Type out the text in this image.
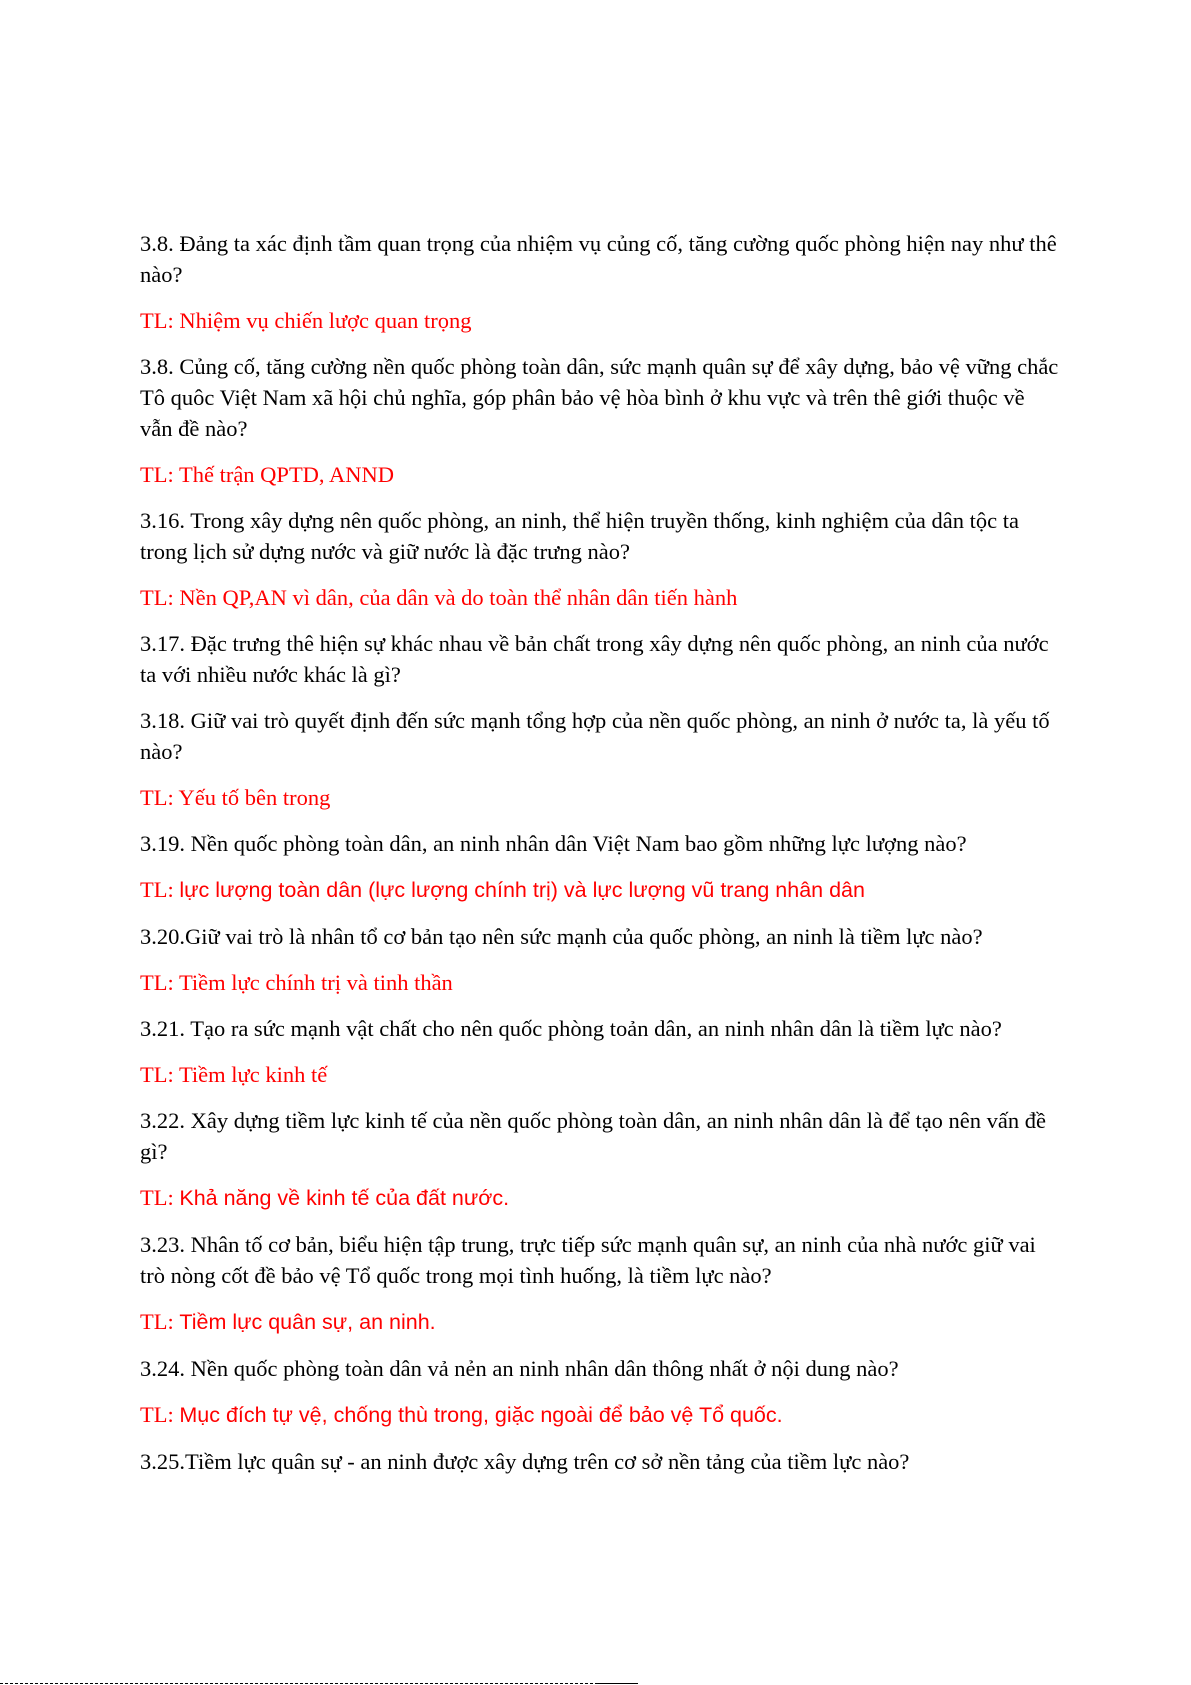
3.8. Đảng ta xác định tầm quan trọng của nhiệm vụ củng cố, tăng cường quốc phòng hiện nay như thê nào?
TL: Nhiệm vụ chiến lược quan trọng
3.8. Củng cố, tăng cường nền quốc phòng toàn dân, sức mạnh quân sự để xây dựng, bảo vệ vững chắc Tô quôc Việt Nam xã hội chủ nghĩa, góp phân bảo vệ hòa bình ở khu vực và trên thê giới thuộc về vẫn đề nào?
TL: Thế trận QPTD, ANND
3.16. Trong xây dựng nên quốc phòng, an ninh, thể hiện truyền thống, kinh nghiệm của dân tộc ta trong lịch sử dựng nước và giữ nước là đặc trưng nào?
TL: Nền QP,AN vì dân, của dân và do toàn thể nhân dân tiến hành
3.17. Đặc trưng thê hiện sự khác nhau về bản chất trong xây dựng nên quốc phòng, an ninh của nước ta với nhiều nước khác là gì?
3.18. Giữ vai trò quyết định đến sức mạnh tổng hợp của nền quốc phòng, an ninh ở nước ta, là yếu tố nào?
TL: Yếu tố bên trong
3.19. Nền quốc phòng toàn dân, an ninh nhân dân Việt Nam bao gồm những lực lượng nào?
TL: lực lượng toàn dân (lực lượng chính trị) và lực lượng vũ trang nhân dân
3.20.Giữ vai trò là nhân tổ cơ bản tạo nên sức mạnh của quốc phòng, an ninh là tiềm lực nào?
TL: Tiềm lực chính trị và tinh thần
3.21. Tạo ra sức mạnh vật chất cho nên quốc phòng toản dân, an ninh nhân dân là tiềm lực nào?
TL: Tiềm lực kinh tế
3.22. Xây dựng tiềm lực kinh tế của nền quốc phòng toàn dân, an ninh nhân dân là để tạo nên vấn đề gì?
TL: Khả năng về kinh tế của đất nước.
3.23. Nhân tố cơ bản, biểu hiện tập trung, trực tiếp sức mạnh quân sự, an ninh của nhà nước giữ vai trò nòng cốt đề bảo vệ Tổ quốc trong mọi tình huống, là tiềm lực nào?
TL: Tiềm lực quân sự, an ninh.
3.24. Nền quốc phòng toàn dân vả nẻn an ninh nhân dân thông nhất ở nội dung nào?
TL: Mục đích tự vệ, chống thù trong, giặc ngoài để bảo vệ Tổ quốc.
3.25.Tiềm lực quân sự - an ninh được xây dựng trên cơ sở nền tảng của tiềm lực nào?
